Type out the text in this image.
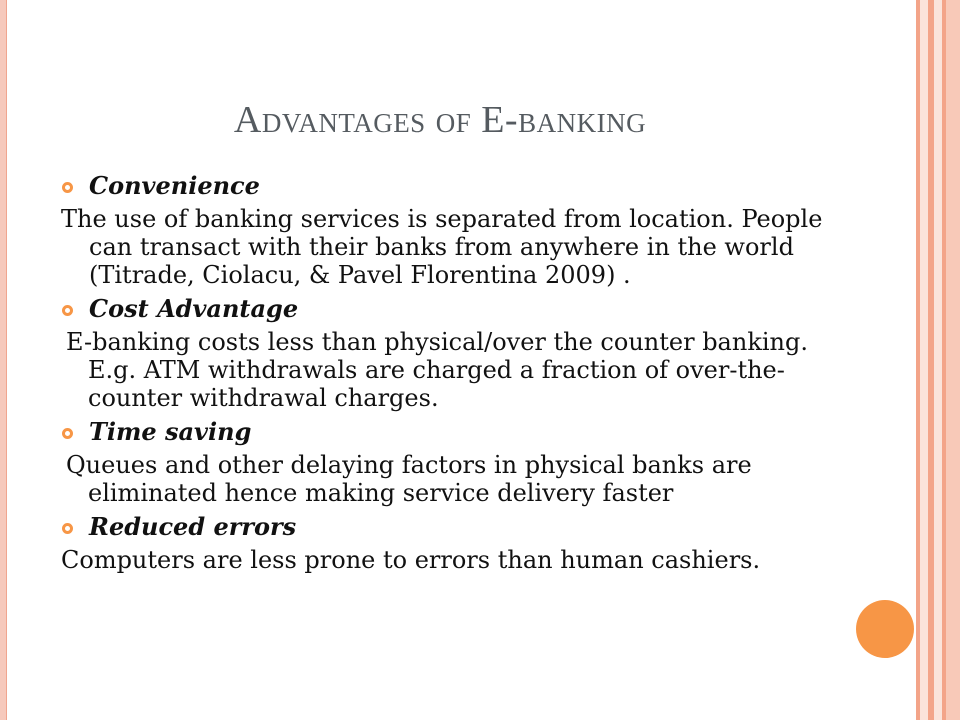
Advantages of E-banking
Convenience
The use of banking services is separated from location. People can transact with their banks from anywhere in the world (Titrade, Ciolacu, & Pavel Florentina 2009) .
Cost Advantage
E-banking costs less than physical/over the counter banking. E.g. ATM withdrawals are charged a fraction of over-the-counter withdrawal charges.
Time saving
Queues and other delaying factors in physical banks are eliminated hence making service delivery faster
Reduced errors
Computers are less prone to errors than human cashiers.
